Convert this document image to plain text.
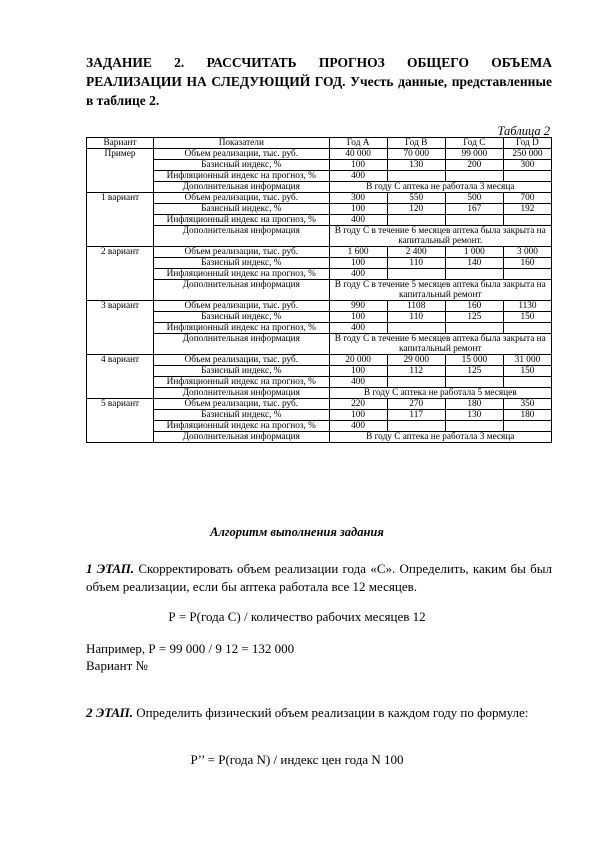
ЗАДАНИЕ 2. РАССЧИТАТЬ ПРОГНОЗ ОБЩЕГО ОБЪЕМА РЕАЛИЗАЦИИ НА СЛЕДУЮЩИЙ ГОД. Учесть данные, представленные в таблице 2.
Таблица 2
Вариант	Показатели	Год A	Год B	Год C	Год D
Пример	Объем реализации, тыс. руб.	40 000	70 000	99 000	250 000
	Базисный индекс, %	100	130	200	300
	Инфляционный индекс на прогноз, %	400			
	Дополнительная информация	В году С аптека не работала 3 месяца			
1 вариант	Объем реализации, тыс. руб.	300	550	500	700
	Базисный индекс, %	100	120	167	192
	Инфляционный индекс на прогноз, %	400			
	Дополнительная информация	В году С в течение 6 месяцев аптека была закрыта на капитальный ремонт.			
2 вариант	Объем реализации, тыс. руб.	1 600	2 400	1 000	3 000
	Базисный индекс, %	100	110	140	160
	Инфляционный индекс на прогноз, %	400			
	Дополнительная информация	В году С в течение 5 месяцев аптека была закрыта на капитальный ремонт			
3 вариант	Объем реализации, тыс. руб.	990	1108	160	1130
	Базисный индекс, %	100	110	125	150
	Инфляционный индекс на прогноз, %	400			
	Дополнительная информация	В году С в течение 6 месяцев аптека была закрыта на капитальный ремонт			
4 вариант	Объем реализации, тыс. руб.	20 000	29 000	15 000	31 000
	Базисный индекс, %	100	112	125	150
	Инфляционный индекс на прогноз, %	400			
	Дополнительная информация	В году С аптека не работала 5 месяцев			
5 вариант	Объем реализации, тыс. руб.	220	270	180	350
	Базисный индекс, %	100	117	130	180
	Инфляционный индекс на прогноз, %	400			
	Дополнительная информация	В году С аптека не работала 3 месяца			
Алгоритм выполнения задания
1 ЭТАП. Скорректировать объем реализации года «С». Определить, каким бы был объем реализации, если бы аптека работала все 12 месяцев.
Р = Р(года С) / количество рабочих месяцев 12
Например, Р = 99 000 / 9 12 = 132 000
Вариант №
2 ЭТАП. Определить физический объем реализации в каждом году по формуле:
Р’’ = Р(года N) / индекс цен года N 100
